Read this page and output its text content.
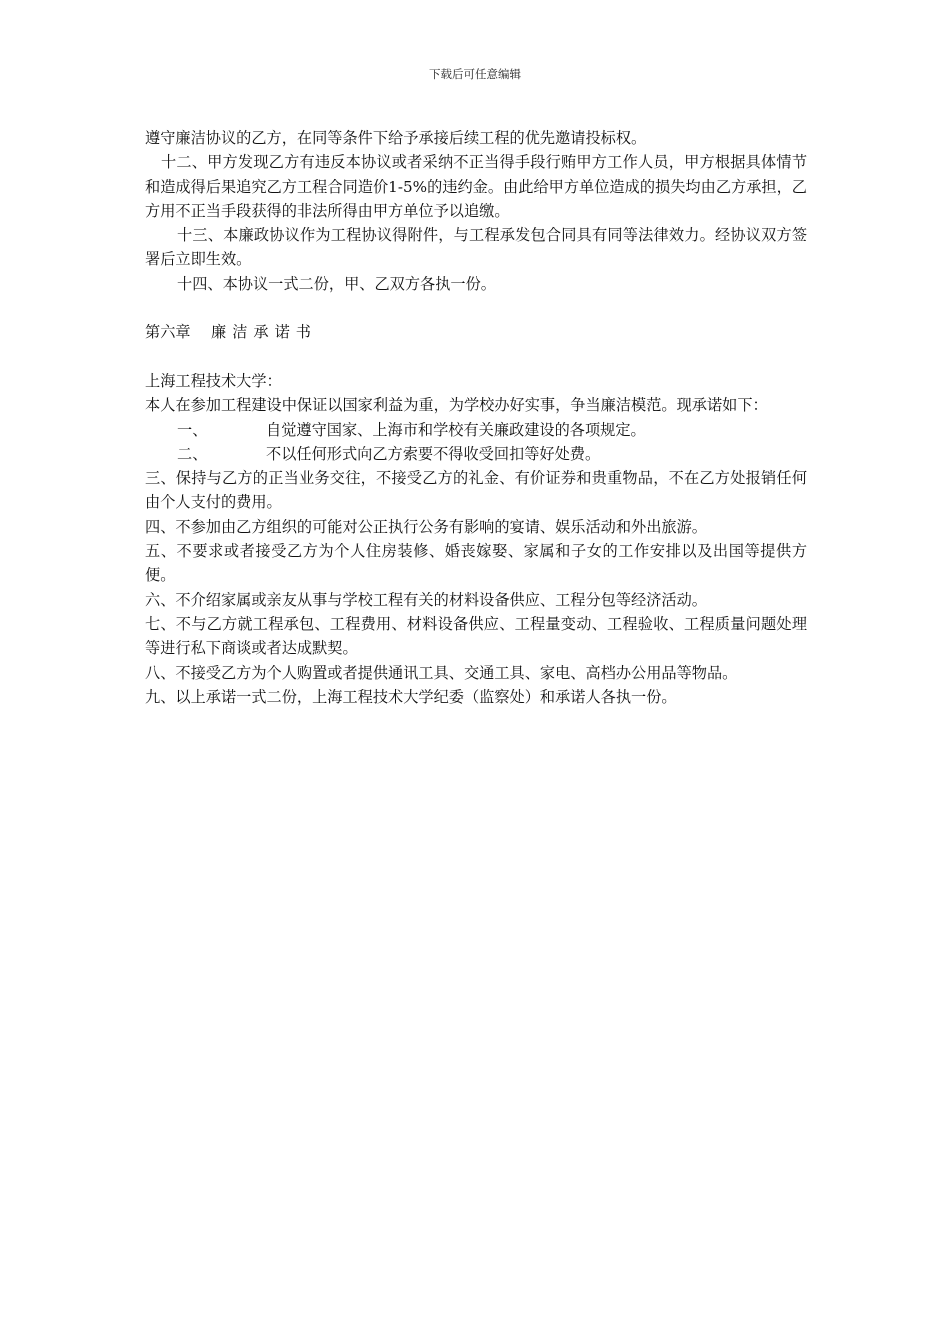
下载后可任意编辑

遵守廉洁协议的乙方，在同等条件下给予承接后续工程的优先邀请投标权。

十二、甲方发现乙方有违反本协议或者采纳不正当得手段行贿甲方工作人员，甲方根据具体情节和造成得后果追究乙方工程合同造价1-5%的违约金。由此给甲方单位造成的损失均由乙方承担，乙方用不正当手段获得的非法所得由甲方单位予以追缴。

十三、本廉政协议作为工程协议得附件，与工程承发包合同具有同等法律效力。经协议双方签署后立即生效。

十四、本协议一式二份，甲、乙双方各执一份。

第六章	廉洁承诺书

上海工程技术大学：

本人在参加工程建设中保证以国家利益为重，为学校办好实事，争当廉洁模范。现承诺如下：

一、	自觉遵守国家、上海市和学校有关廉政建设的各项规定。
二、	不以任何形式向乙方索要不得收受回扣等好处费。

三、保持与乙方的正当业务交往，不接受乙方的礼金、有价证券和贵重物品，不在乙方处报销任何由个人支付的费用。

四、不参加由乙方组织的可能对公正执行公务有影响的宴请、娱乐活动和外出旅游。

五、不要求或者接受乙方为个人住房装修、婚丧嫁娶、家属和子女的工作安排以及出国等提供方便。

六、不介绍家属或亲友从事与学校工程有关的材料设备供应、工程分包等经济活动。

七、不与乙方就工程承包、工程费用、材料设备供应、工程量变动、工程验收、工程质量问题处理等进行私下商谈或者达成默契。

八、不接受乙方为个人购置或者提供通讯工具、交通工具、家电、高档办公用品等物品。

九、以上承诺一式二份，上海工程技术大学纪委（监察处）和承诺人各执一份。
